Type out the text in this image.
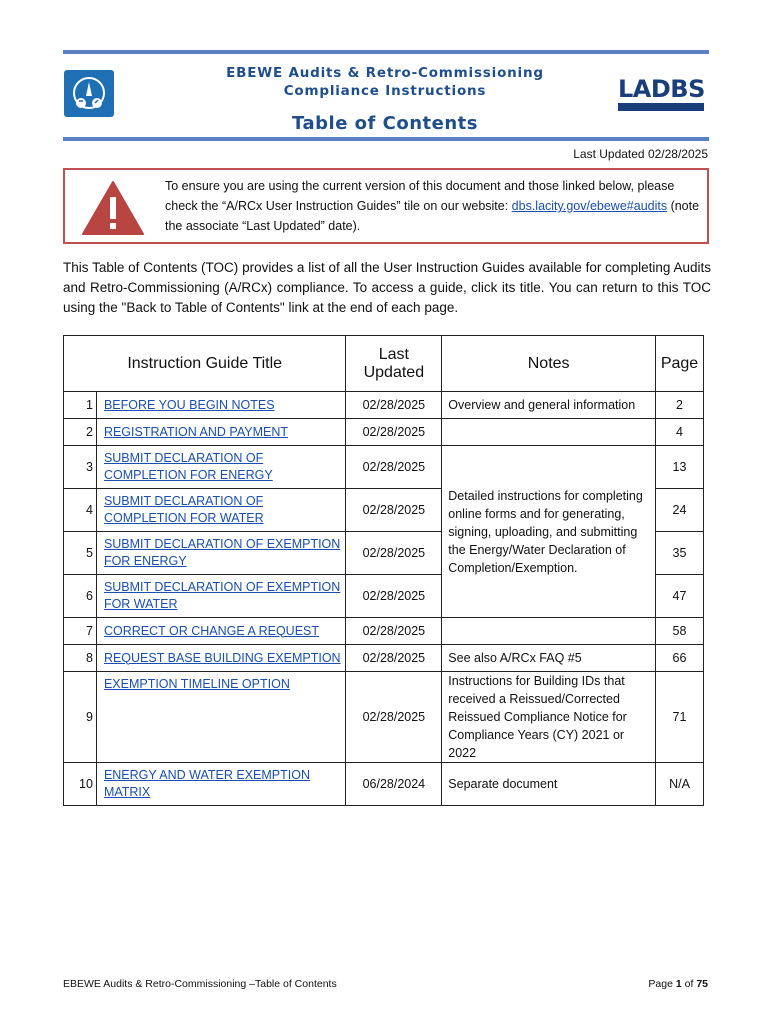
EBEWE Audits & Retro-Commissioning
Compliance Instructions
Table of Contents
LADBS
Last Updated 02/28/2025
To ensure you are using the current version of this document and those linked below, please check the “A/RCx User Instruction Guides” tile on our website: dbs.lacity.gov/ebewe#audits (note the associate “Last Updated” date).
This Table of Contents (TOC) provides a list of all the User Instruction Guides available for completing Audits and Retro-Commissioning (A/RCx) compliance. To access a guide, click its title. You can return to this TOC using the "Back to Table of Contents" link at the end of each page.
Instruction Guide Title		Last
Updated	Notes	Page
1	BEFORE YOU BEGIN NOTES	02/28/2025	Overview and general information	2
2	REGISTRATION AND PAYMENT	02/28/2025		4
3	SUBMIT DECLARATION OF COMPLETION FOR ENERGY	02/28/2025	Detailed instructions for completing online forms and for generating, signing, uploading, and submitting the Energy/Water Declaration of Completion/Exemption.	13
4	SUBMIT DECLARATION OF COMPLETION FOR WATER	02/28/2025		24
5	SUBMIT DECLARATION OF EXEMPTION FOR ENERGY	02/28/2025		35
6	SUBMIT DECLARATION OF EXEMPTION FOR WATER	02/28/2025		47
7	CORRECT OR CHANGE A REQUEST	02/28/2025		58
8	REQUEST BASE BUILDING EXEMPTION	02/28/2025	See also A/RCx FAQ #5	66
9	EXEMPTION TIMELINE OPTION	02/28/2025	Instructions for Building IDs that received a Reissued/Corrected Reissued Compliance Notice for Compliance Years (CY) 2021 or 2022	71
10	ENERGY AND WATER EXEMPTION MATRIX	06/28/2024	Separate document	N/A
EBEWE Audits & Retro-Commissioning –Table of Contents	Page 1 of 75
